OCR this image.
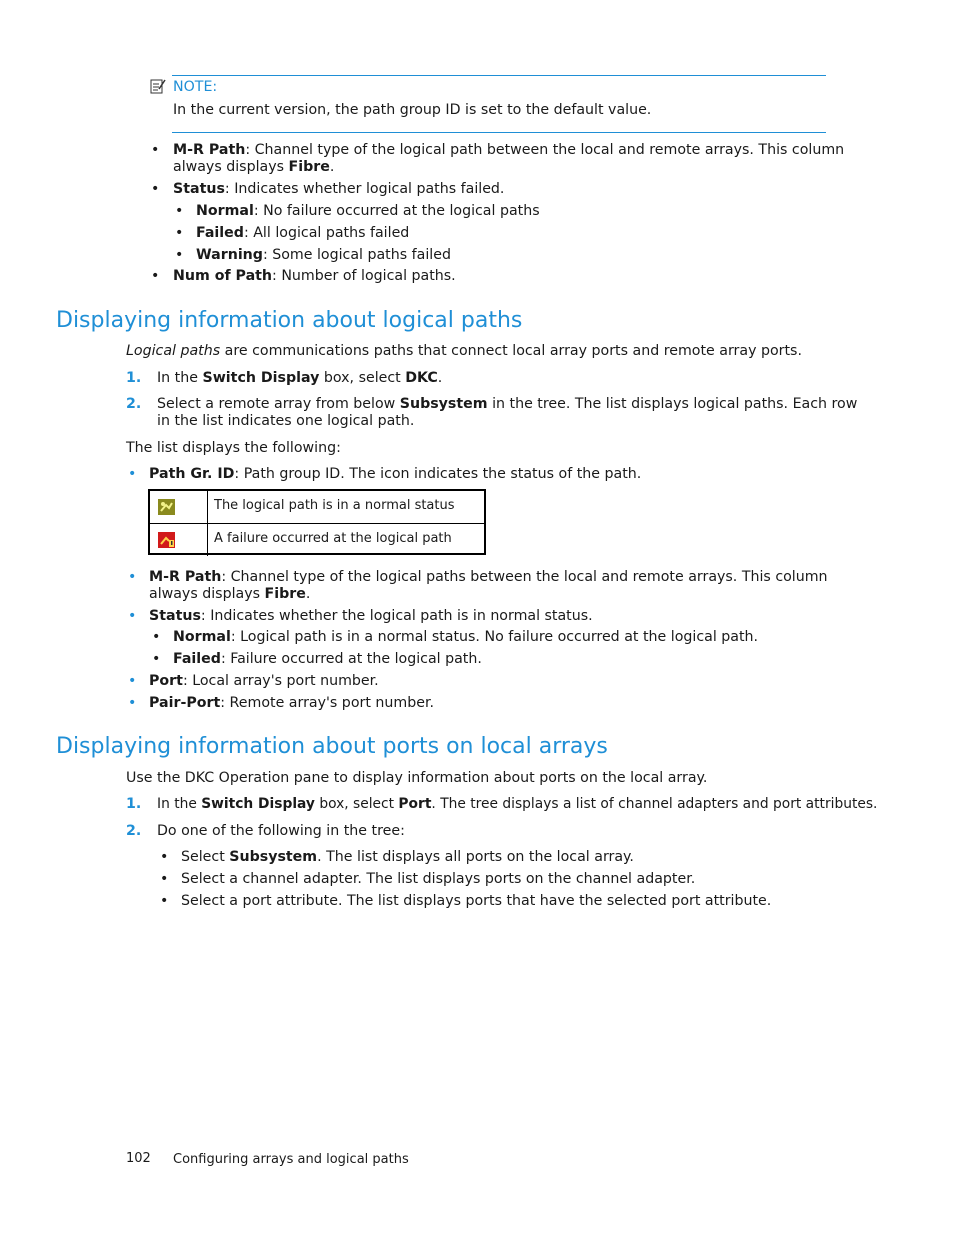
NOTE:
In the current version, the path group ID is set to the default value.
• M-R Path: Channel type of the logical path between the local and remote arrays. This column
always displays Fibre.
• Status: Indicates whether logical paths failed.
• Normal: No failure occurred at the logical paths
• Failed: All logical paths failed
• Warning: Some logical paths failed
• Num of Path: Number of logical paths.
Displaying information about logical paths
Logical paths are communications paths that connect local array ports and remote array ports.
1. In the Switch Display box, select DKC.
2. Select a remote array from below Subsystem in the tree. The list displays logical paths. Each row
in the list indicates one logical path.
The list displays the following:
• Path Gr. ID: Path group ID. The icon indicates the status of the path.
The logical path is in a normal status
A failure occurred at the logical path
• M-R Path: Channel type of the logical paths between the local and remote arrays. This column
always displays Fibre.
• Status: Indicates whether the logical path is in normal status.
• Normal: Logical path is in a normal status. No failure occurred at the logical path.
• Failed: Failure occurred at the logical path.
• Port: Local array's port number.
• Pair-Port: Remote array's port number.
Displaying information about ports on local arrays
Use the DKC Operation pane to display information about ports on the local array.
1. In the Switch Display box, select Port. The tree displays a list of channel adapters and port attributes.
2. Do one of the following in the tree:
• Select Subsystem. The list displays all ports on the local array.
• Select a channel adapter. The list displays ports on the channel adapter.
• Select a port attribute. The list displays ports that have the selected port attribute.
102 Configuring arrays and logical paths
